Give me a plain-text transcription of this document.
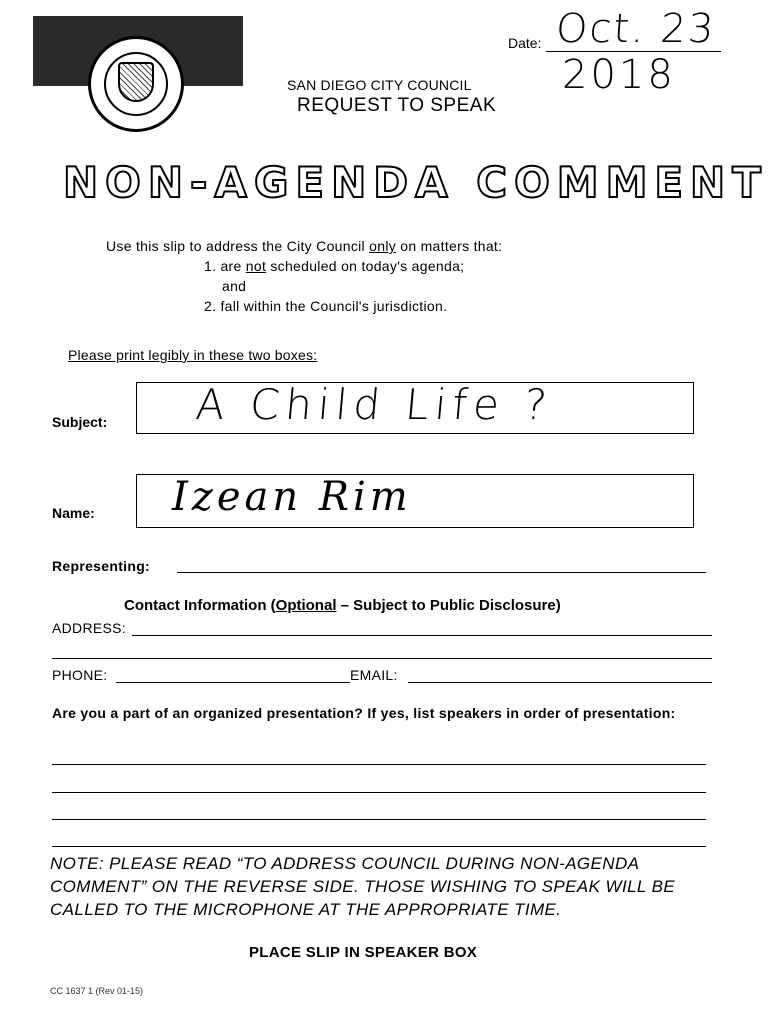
SAN DIEGO CITY COUNCIL
REQUEST TO SPEAK
Date: Oct. 23
2018
NON-AGENDA COMMENT
Use this slip to address the City Council only on matters that:
1. are not scheduled on today's agenda;
and
2. fall within the Council's jurisdiction.
Please print legibly in these two boxes:
Subject: A Child Life ?
Name: Izean Rim
Representing:
Contact Information (Optional – Subject to Public Disclosure)
ADDRESS:
PHONE:	EMAIL:
Are you a part of an organized presentation? If yes, list speakers in order of presentation:
NOTE: PLEASE READ “TO ADDRESS COUNCIL DURING NON-AGENDA COMMENT” ON THE REVERSE SIDE. THOSE WISHING TO SPEAK WILL BE CALLED TO THE MICROPHONE AT THE APPROPRIATE TIME.
PLACE SLIP IN SPEAKER BOX
CC 1637 1 (Rev 01-15)
